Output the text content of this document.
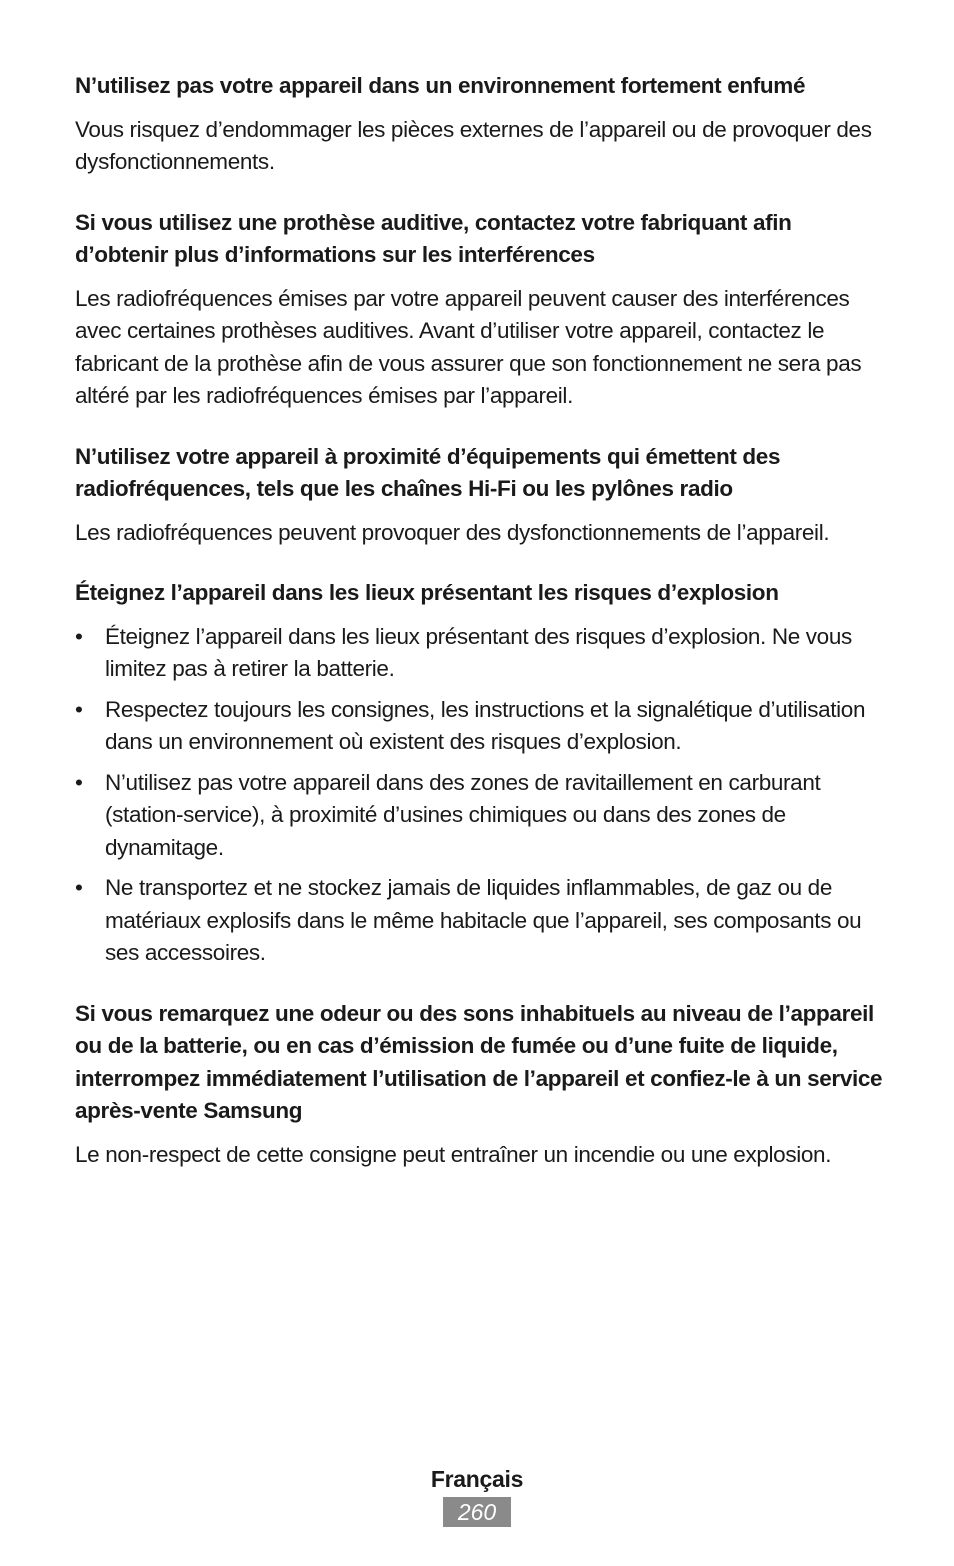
N’utilisez pas votre appareil dans un environnement fortement enfumé

Vous risquez d’endommager les pièces externes de l’appareil ou de provoquer des dysfonctionnements.

Si vous utilisez une prothèse auditive, contactez votre fabriquant afin d’obtenir plus d’informations sur les interférences

Les radiofréquences émises par votre appareil peuvent causer des interférences avec certaines prothèses auditives. Avant d’utiliser votre appareil, contactez le fabricant de la prothèse afin de vous assurer que son fonctionnement ne sera pas altéré par les radiofréquences émises par l’appareil.

N’utilisez votre appareil à proximité d’équipements qui émettent des radiofréquences, tels que les chaînes Hi-Fi ou les pylônes radio

Les radiofréquences peuvent provoquer des dysfonctionnements de l’appareil.

Éteignez l’appareil dans les lieux présentant les risques d’explosion

• Éteignez l’appareil dans les lieux présentant des risques d’explosion. Ne vous limitez pas à retirer la batterie.
• Respectez toujours les consignes, les instructions et la signalétique d’utilisation dans un environnement où existent des risques d’explosion.
• N’utilisez pas votre appareil dans des zones de ravitaillement en carburant (station-service), à proximité d’usines chimiques ou dans des zones de dynamitage.
• Ne transportez et ne stockez jamais de liquides inflammables, de gaz ou de matériaux explosifs dans le même habitacle que l’appareil, ses composants ou ses accessoires.

Si vous remarquez une odeur ou des sons inhabituels au niveau de l’appareil ou de la batterie, ou en cas d’émission de fumée ou d’une fuite de liquide, interrompez immédiatement l’utilisation de l’appareil et confiez-le à un service après-vente Samsung

Le non-respect de cette consigne peut entraîner un incendie ou une explosion.

Français
260
